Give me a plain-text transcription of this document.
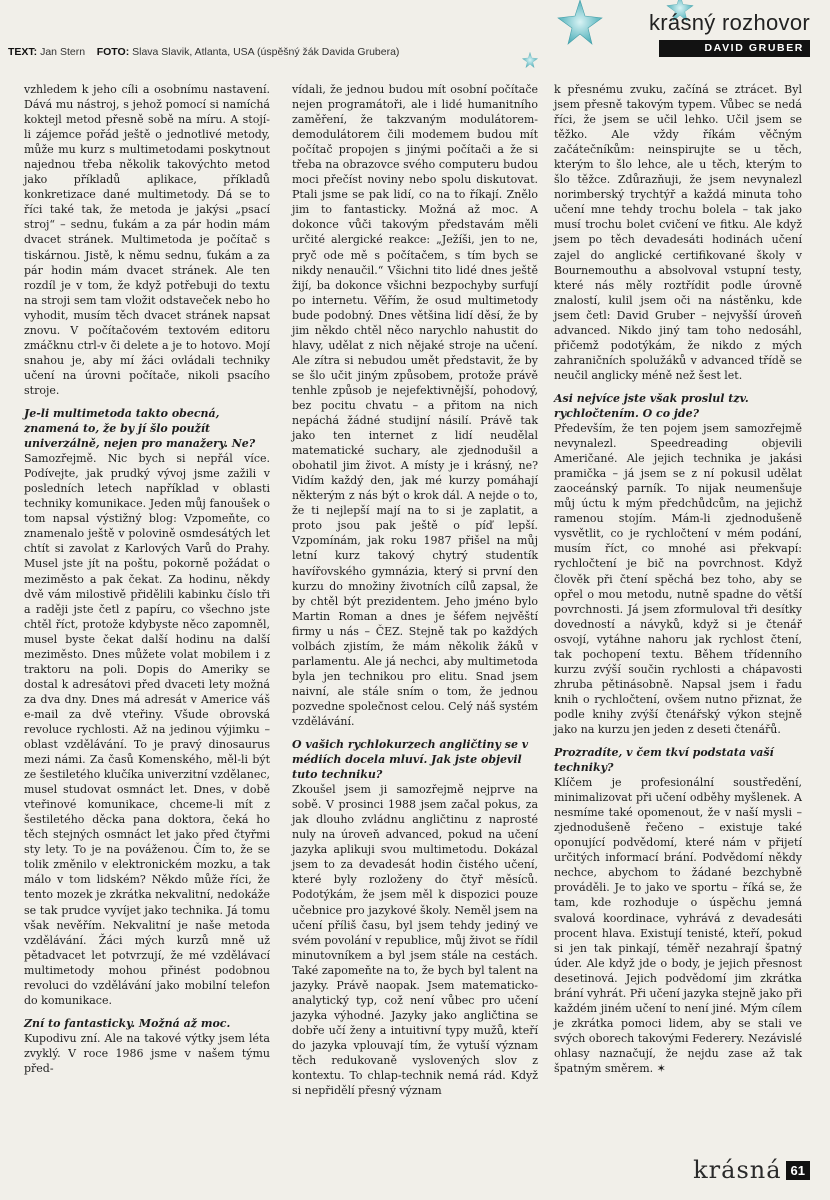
krásný rozhovor
DAVID GRUBER
TEXT: Jan Stern FOTO: Slava Slavik, Atlanta, USA (úspěšný žák Davida Grubera)

vzhledem k jeho cíli a osobnímu nastavení. Dává mu nástroj, s jehož pomocí si namíchá koktejl metod přesně sobě na míru. A stojí-li zájemce pořád ještě o jednotlivé metody, může mu kurz s multimetodami poskytnout najednou třeba několik takovýchto metod jako příkladů aplikace, příkladů konkretizace dané multimetody. Dá se to říci také tak, že metoda je jakýsi „psací stroj“ – sednu, ťukám a za pár hodin mám dvacet stránek. Multimetoda je počítač s tiskárnou. Jistě, k němu sednu, ťukám a za pár hodin mám dvacet stránek. Ale ten rozdíl je v tom, že když potřebuji do textu na stroji sem tam vložit odstaveček nebo ho vyhodit, musím těch dvacet stránek napsat znovu. V počítačovém textovém editoru zmáčknu ctrl-v či delete a je to hotovo. Mojí snahou je, aby mí žáci ovládali techniky učení na úrovni počítače, nikoli psacího stroje.

Je-li multimetoda takto obecná, znamená to, že by jí šlo použít univerzálně, nejen pro manažery. Ne?

Samozřejmě. Nic bych si nepřál více. Podívejte, jak prudký vývoj jsme zažili v posledních letech například v oblasti techniky komunikace. Jeden můj fanoušek o tom napsal výstižný blog: Vzpomeňte, co znamenalo ještě v polovině osmdesátých let chtít si zavolat z Karlových Varů do Prahy. Musel jste jít na poštu, pokorně požádat o meziměsto a pak čekat. Za hodinu, někdy dvě vám milostivě přidělili kabinku číslo tři a raději jste četl z papíru, co všechno jste chtěl říct, protože kdybyste něco zapomněl, musel byste čekat další hodinu na další meziměsto. Dnes můžete volat mobilem i z traktoru na poli. Dopis do Ameriky se dostal k adresátovi před dvaceti lety možná za dva dny. Dnes má adresát v Americe váš e-mail za dvě vteřiny. Všude obrovská revoluce rychlosti. Až na jedinou výjimku – oblast vzdělávání. To je pravý dinosaurus mezi námi. Za časů Komenského, měl-li být ze šestiletého klučíka univerzitní vzdělanec, musel studovat osmnáct let. Dnes, v době vteřinové komunikace, chceme-li mít z šestiletého děcka pana doktora, čeká ho těch stejných osmnáct let jako před čtyřmi sty lety. To je na pováženou. Čím to, že se tolik změnilo v elektronickém mozku, a tak málo v tom lidském? Někdo může říci, že tento mozek je zkrátka nekvalitní, nedokáže se tak prudce vyvíjet jako technika. Já tomu však nevěřím. Nekvalitní je naše metoda vzdělávání. Žáci mých kurzů mně už pětadvacet let potvrzují, že mé vzdělávací multimetody mohou přinést podobnou revoluci do vzdělávání jako mobilní telefon do komunikace.

Zní to fantasticky. Možná až moc.

Kupodivu zní. Ale na takové výtky jsem léta zvyklý. V roce 1986 jsme v našem týmu před-

vídali, že jednou budou mít osobní počítače nejen programátoři, ale i lidé humanitního zaměření, že takzvaným modulátorem-demodulátorem čili modemem budou mít počítač propojen s jinými počítači a že si třeba na obrazovce svého computeru budou moci přečíst noviny nebo spolu diskutovat. Ptali jsme se pak lidí, co na to říkají. Znělo jim to fantasticky. Možná až moc. A dokonce vůči takovým představám měli určité alergické reakce: „Ježíši, jen to ne, pryč ode mě s počítačem, s tím bych se nikdy nenaučil.“ Všichni tito lidé dnes ještě žijí, ba dokonce všichni bezpochyby surfují po internetu. Věřím, že osud multimetody bude podobný. Dnes většina lidí děsí, že by jim někdo chtěl něco narychlo nahustit do hlavy, udělat z nich nějaké stroje na učení. Ale zítra si nebudou umět představit, že by se šlo učit jiným způsobem, protože právě tenhle způsob je nejefektivnější, pohodový, bez pocitu chvatu – a přitom na nich nepáchá žádné studijní násilí. Právě tak jako ten internet z lidí neudělal matematické suchary, ale zjednodušil a obohatil jim život. A místy je i krásný, ne? Vidím každý den, jak mé kurzy pomáhají některým z nás být o krok dál. A nejde o to, že ti nejlepší mají na to si je zaplatit, a proto jsou pak ještě o píď lepší. Vzpomínám, jak roku 1987 přišel na můj letní kurz takový chytrý studentík havířovského gymnázia, který si první den kurzu do množiny životních cílů zapsal, že by chtěl být prezidentem. Jeho jméno bylo Martin Roman a dnes je šéfem nejvěští firmy u nás – ČEZ. Stejně tak po každých volbách zjistím, že mám několik žáků v parlamentu. Ale já nechci, aby multimetoda byla jen technikou pro elitu. Snad jsem naivní, ale stále sním o tom, že jednou pozvedne společnost celou. Celý náš systém vzdělávání.

O vašich rychlokurzech angličtiny se v médiích docela mluví. Jak jste objevil tuto techniku?

Zkoušel jsem ji samozřejmě nejprve na sobě. V prosinci 1988 jsem začal pokus, za jak dlouho zvládnu angličtinu z naprosté nuly na úroveň advanced, pokud na učení jazyka aplikuji svou multimetodu. Dokázal jsem to za devadesát hodin čistého učení, které byly rozloženy do čtyř měsíců. Podotýkám, že jsem měl k dispozici pouze učebnice pro jazykové školy. Neměl jsem na učení příliš času, byl jsem tehdy jediný ve svém povolání v republice, můj život se řídil minutovníkem a byl jsem stále na cestách. Také zapomeňte na to, že bych byl talent na jazyky. Právě naopak. Jsem matematicko-analytický typ, což není vůbec pro učení jazyka výhodné. Jazyky jako angličtina se dobře učí ženy a intuitivní typy mužů, kteří do jazyka vplouvají tím, že vytuší význam těch redukovaně vyslovených slov z kontextu. To chlap-technik nemá rád. Když si nepřidělí přesný význam

k přesnému zvuku, začíná se ztrácet. Byl jsem přesně takovým typem. Vůbec se nedá říci, že jsem se učil lehko. Učil jsem se těžko. Ale vždy říkám věčným začátečníkům: neinspirujte se u těch, kterým to šlo lehce, ale u těch, kterým to šlo těžce. Zdůrazňuji, že jsem nevynalezl norimberský trychtýř a každá minuta toho učení mne tehdy trochu bolela – tak jako musí trochu bolet cvičení ve fitku. Ale když jsem po těch devadesáti hodinách učení zajel do anglické certifikované školy v Bournemouthu a absolvoval vstupní testy, které nás měly roztřídit podle úrovně znalostí, kulil jsem oči na nástěnku, kde jsem četl: David Gruber – nejvyšší úroveň advanced. Nikdo jiný tam toho nedosáhl, přičemž podotýkám, že nikdo z mých zahraničních spolužáků v advanced třídě se neučil anglicky méně než šest let.

Asi nejvíce jste však proslul tzv. rychločtením. O co jde?

Především, že ten pojem jsem samozřejmě nevynalezl. Speedreading objevili Američané. Ale jejich technika je jakási pramička – já jsem se z ní pokusil udělat zaoceánský parník. To nijak neumenšuje můj úctu k mým předchůdcům, na jejichž ramenou stojím. Mám-li zjednodušeně vysvětlit, co je rychločtení v mém podání, musím říct, co mnohé asi překvapí: rychločtení je bič na povrchnost. Když člověk při čtení spěchá bez toho, aby se opřel o mou metodu, nutně spadne do větší povrchnosti. Já jsem zformuloval tři desítky dovedností a návyků, když si je čtenář osvojí, vytáhne nahoru jak rychlost čtení, tak pochopení textu. Během třídenního kurzu zvýší součin rychlosti a chápavosti zhruba pětinásobně. Napsal jsem i řadu knih o rychločtení, ovšem nutno přiznat, že podle knihy zvýší čtenářský výkon stejně jako na kurzu jen jeden z deseti čtenářů.

Prozradíte, v čem tkví podstata vaší techniky?

Klíčem je profesionální soustředění, minimalizovat při učení odběhy myšlenek. A nesmíme také opomenout, že v naší mysli – zjednodušeně řečeno – existuje také oponující podvědomí, které nám v přijetí určitých informací brání. Podvědomí někdy nechce, abychom to žádané bezchybně prováděli. Je to jako ve sportu – říká se, že tam, kde rozhoduje o úspěchu jemná svalová koordinace, vyhrává z devadesáti procent hlava. Existují tenisté, kteří, pokud si jen tak pinkají, téměř nezahrají špatný úder. Ale když jde o body, je jejich přesnost desetinová. Jejich podvědomí jim zkrátka brání vyhrát. Při učení jazyka stejně jako při každém jiném učení to není jiné. Mým cílem je zkrátka pomoci lidem, aby se stali ve svých oborech takovými Federery. Nezávislé ohlasy naznačují, že nejdu zase až tak špatným směrem. ✶

krásná 61
